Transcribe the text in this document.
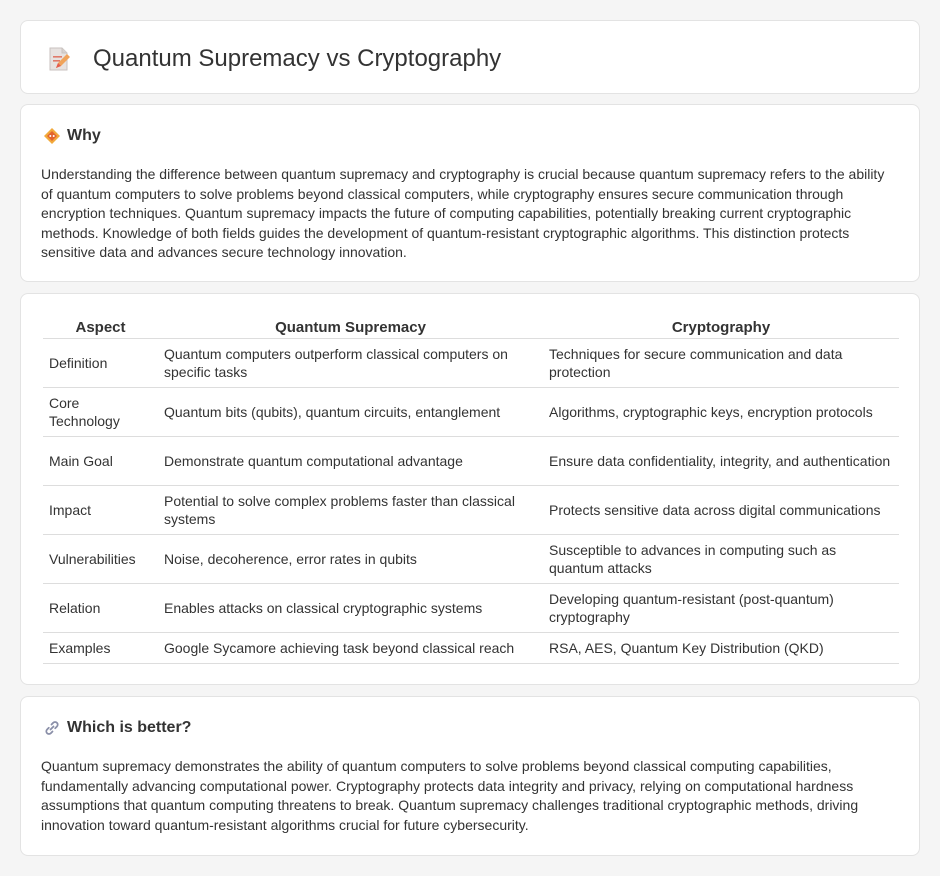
Quantum Supremacy vs Cryptography
Why

Understanding the difference between quantum supremacy and cryptography is crucial because quantum supremacy refers to the ability of quantum computers to solve problems beyond classical computers, while cryptography ensures secure communication through encryption techniques. Quantum supremacy impacts the future of computing capabilities, potentially breaking current cryptographic methods. Knowledge of both fields guides the development of quantum-resistant cryptographic algorithms. This distinction protects sensitive data and advances secure technology innovation.

Aspect	Quantum Supremacy	Cryptography
Definition	Quantum computers outperform classical computers on specific tasks	Techniques for secure communication and data protection
Core Technology	Quantum bits (qubits), quantum circuits, entanglement	Algorithms, cryptographic keys, encryption protocols
Main Goal	Demonstrate quantum computational advantage	Ensure data confidentiality, integrity, and authentication
Impact	Potential to solve complex problems faster than classical systems	Protects sensitive data across digital communications
Vulnerabilities	Noise, decoherence, error rates in qubits	Susceptible to advances in computing such as quantum attacks
Relation	Enables attacks on classical cryptographic systems	Developing quantum-resistant (post-quantum) cryptography
Examples	Google Sycamore achieving task beyond classical reach	RSA, AES, Quantum Key Distribution (QKD)
Which is better?

Quantum supremacy demonstrates the ability of quantum computers to solve problems beyond classical computing capabilities, fundamentally advancing computational power. Cryptography protects data integrity and privacy, relying on computational hardness assumptions that quantum computing threatens to break. Quantum supremacy challenges traditional cryptographic methods, driving innovation toward quantum-resistant algorithms crucial for future cybersecurity.
